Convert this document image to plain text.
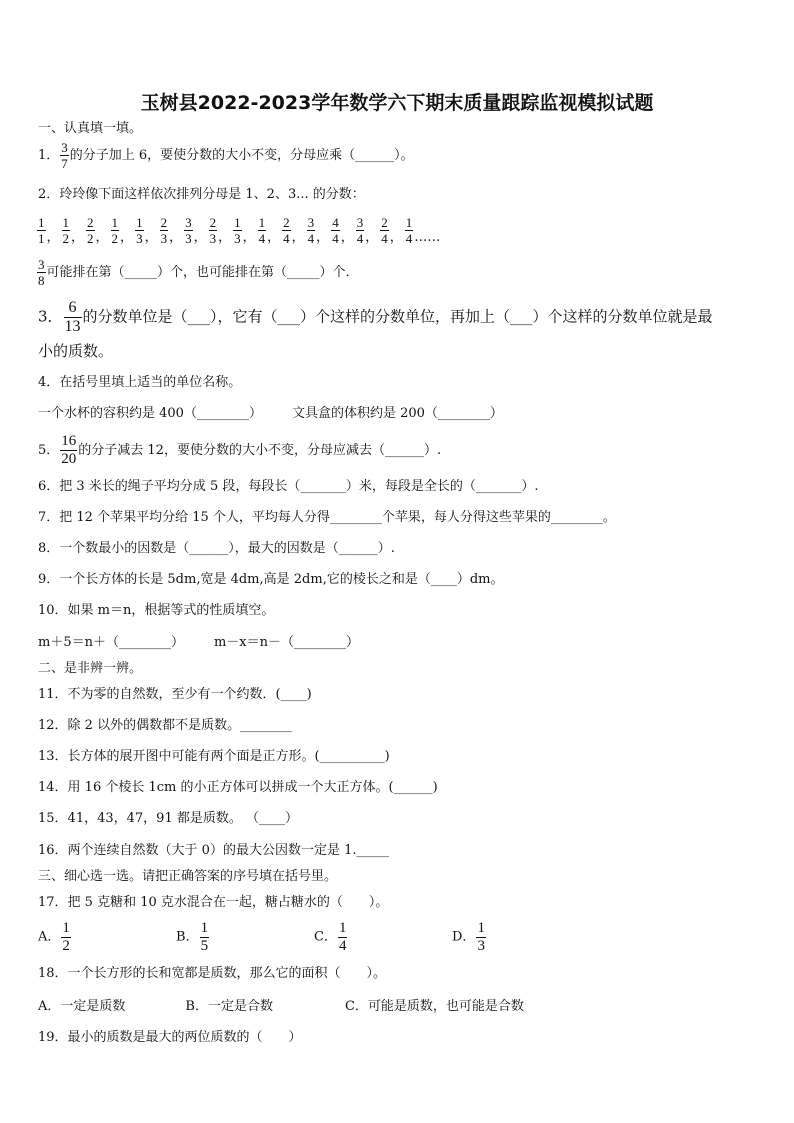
玉树县2022-2023学年数学六下期末质量跟踪监视模拟试题
一、认真填一填。
1． $\frac{3}{7}$ 的分子加上 6，要使分数的大小不变，分母应乘（______）。
2．玲玲像下面这样依次排列分母是 1、2、3... 的分数：
$\frac{1}{1}$ ， $\frac{1}{2}$ ， $\frac{2}{2}$ ， $\frac{1}{2}$ ， $\frac{1}{3}$ ， $\frac{2}{3}$ ， $\frac{3}{3}$ ， $\frac{2}{3}$ ， $\frac{1}{3}$ ， $\frac{1}{4}$ ， $\frac{2}{4}$ ， $\frac{3}{4}$ ， $\frac{4}{4}$ ， $\frac{3}{4}$ ， $\frac{2}{4}$ ， $\frac{1}{4}$ ……
$\frac{3}{8}$ 可能排在第（_____）个，也可能排在第（_____）个．
3． $\frac{6}{13}$ 的分数单位是（___），它有（___）个这样的分数单位，再加上（___）个这样的分数单位就是最
小的质数。
4．在括号里填上适当的单位名称。
一个水杯的容积约是 400（________） 文具盒的体积约是 200（________）
5． $\frac{16}{20}$ 的分子减去 12，要使分数的大小不变，分母应减去（______）.
6．把 3 米长的绳子平均分成 5 段，每段长（_______）米，每段是全长的（_______）.
7．把 12 个苹果平均分给 15 个人，平均每人分得________个苹果，每人分得这些苹果的________。
8．一个数最小的因数是（______），最大的因数是（______）.
9．一个长方体的长是 5dm,宽是 4dm,高是 2dm,它的棱长之和是（____）dm。
10．如果 m＝n，根据等式的性质填空。
m＋5＝n＋（________） m－x＝n－（________）
二、是非辨一辨。
11．不为零的自然数，至少有一个约数．(____)
12．除 2 以外的偶数都不是质数。________
13．长方体的展开图中可能有两个面是正方形。(__________)
14．用 16 个棱长 1cm 的小正方体可以拼成一个大正方体。(______)
15．41，43，47，91 都是质数。 （____）
16．两个连续自然数（大于 0）的最大公因数一定是 1._____
三、细心选一选。请把正确答案的序号填在括号里。
17．把 5 克糖和 10 克水混合在一起，糖占糖水的（　　）。
A． $\frac{1}{2}$	B． $\frac{1}{5}$	C． $\frac{1}{4}$	D． $\frac{1}{3}$
18．一个长方形的长和宽都是质数，那么它的面积（　　）。
A．一定是质数	B．一定是合数	C．可能是质数，也可能是合数
19．最小的质数是最大的两位质数的（　　）
